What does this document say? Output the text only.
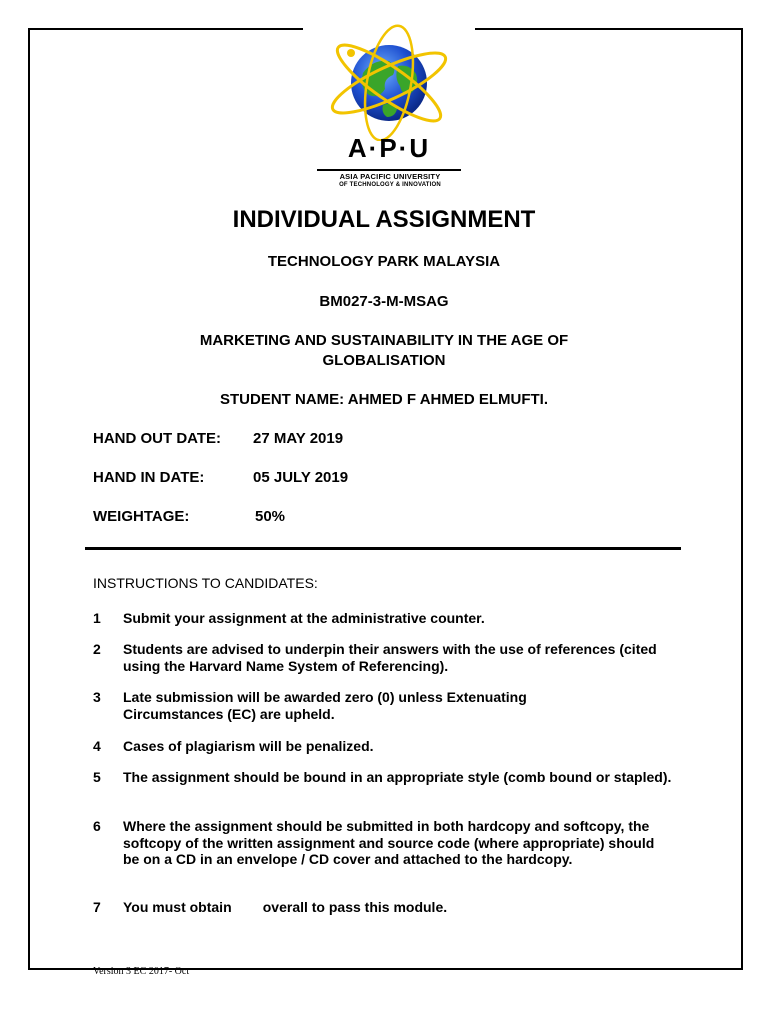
A·P·U
ASIA PACIFIC UNIVERSITY
OF TECHNOLOGY & INNOVATION
INDIVIDUAL ASSIGNMENT
TECHNOLOGY PARK MALAYSIA
BM027-3-M-MSAG
MARKETING AND SUSTAINABILITY IN THE AGE OF
GLOBALISATION
STUDENT NAME: AHMED F AHMED ELMUFTI.
HAND OUT DATE: 27 MAY 2019
HAND IN DATE:	05 JULY 2019
WEIGHTAGE:	50%
INSTRUCTIONS TO CANDIDATES:
1 Submit your assignment at the administrative counter.
2 Students are advised to underpin their answers with the use of references (cited using the Harvard Name System of Referencing).
3 Late submission will be awarded zero (0) unless Extenuating Circumstances (EC) are upheld.
4 Cases of plagiarism will be penalized.
5 The assignment should be bound in an appropriate style (comb bound or stapled).
6 Where the assignment should be submitted in both hardcopy and softcopy, the softcopy of the written assignment and source code (where appropriate) should be on a CD in an envelope / CD cover and attached to the hardcopy.
7 You must obtain        overall to pass this module.
Version 3 EC 2017- Oct
